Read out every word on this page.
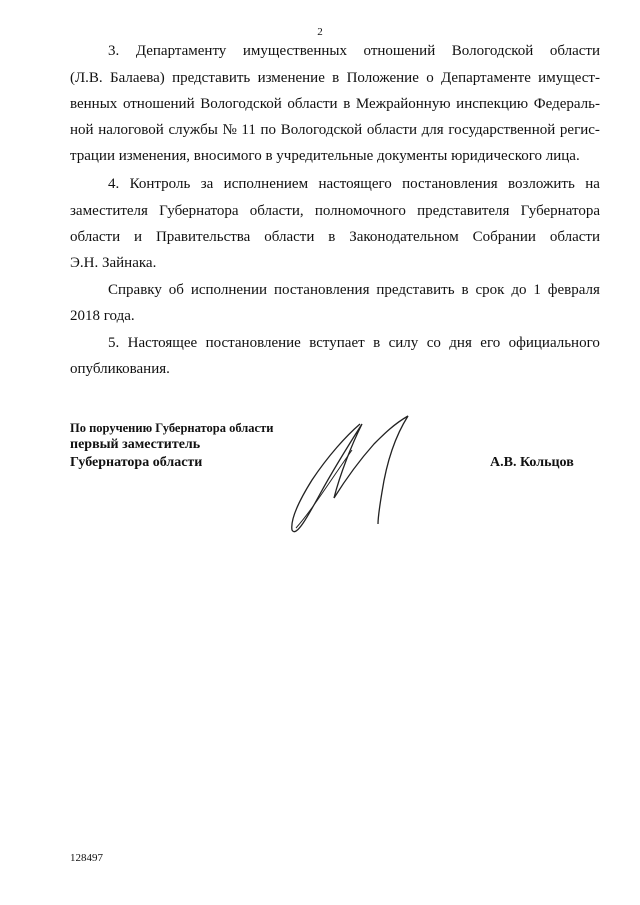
2
3. Департаменту имущественных отношений Вологодской области
(Л.В. Балаева) представить изменение в Положение о Департаменте имущест-
венных отношений Вологодской области в Межрайонную инспекцию Федераль-
ной налоговой службы № 11 по Вологодской области для государственной регис-
трации изменения, вносимого в учредительные документы юридического лица.
4. Контроль за исполнением настоящего постановления возложить на
заместителя Губернатора области, полномочного представителя Губернатора
области и Правительства области в Законодательном Собрании области
Э.Н. Зайнака.
Справку об исполнении постановления представить в срок до 1 февраля
2018 года.
5. Настоящее постановление вступает в силу со дня его официального
опубликования.
По поручению Губернатора области
первый заместитель
Губернатора области	А.В. Кольцов
128497
